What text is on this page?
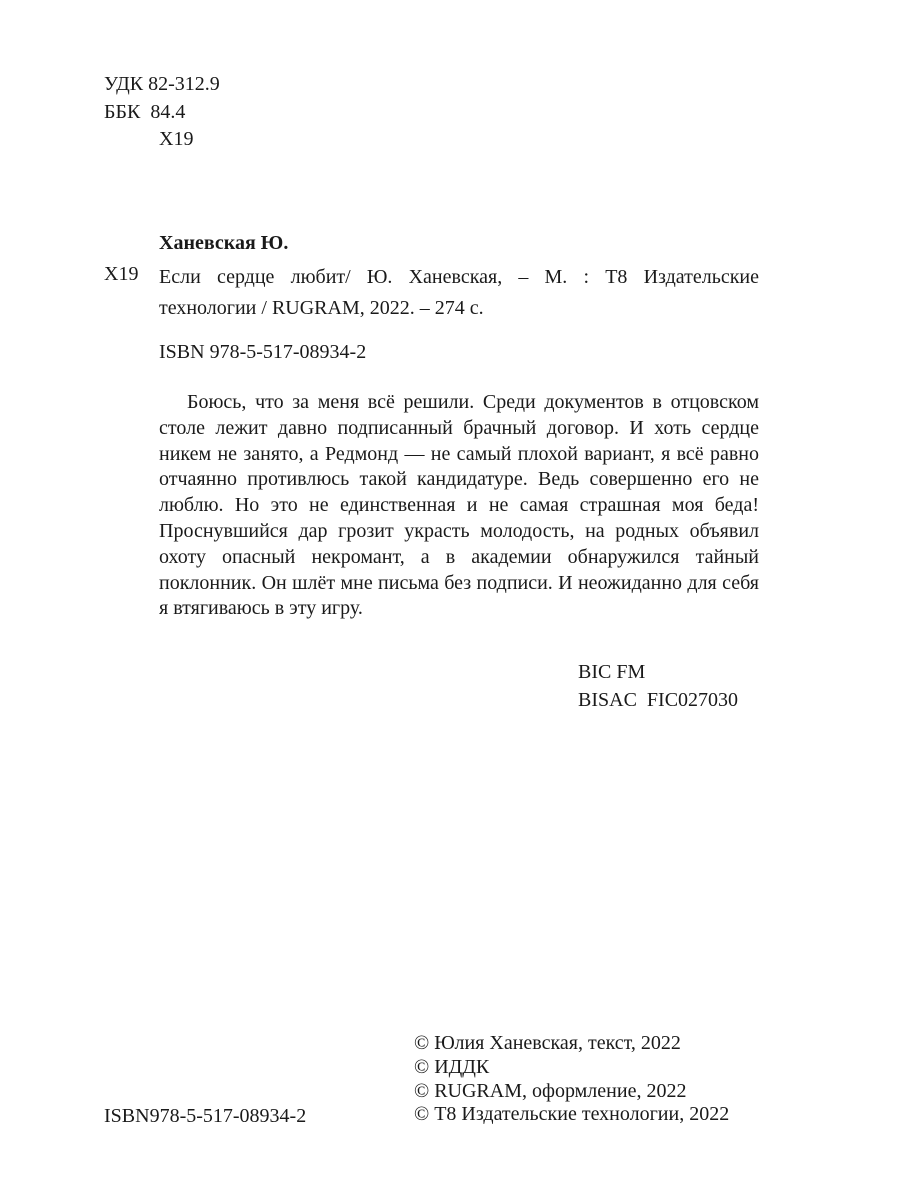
УДК 82-312.9
ББК 84.4
Х19
Ханевская Ю.
Х19 Если сердце любит/ Ю. Ханевская, – М. : Т8 Издательские технологии / RUGRAM, 2022. – 274 с.
ISBN 978-5-517-08934-2

Боюсь, что за меня всё решили. Среди документов в отцовском столе лежит давно подписанный брачный договор. И хоть сердце никем не занято, а Редмонд — не самый плохой вариант, я всё равно отчаянно противлюсь такой кандидатуре. Ведь совершенно его не люблю. Но это не единственная и не самая страшная моя беда! Проснувшийся дар грозит украсть молодость, на родных объявил охоту опасный некромант, а в академии обнаружился тайный поклонник. Он шлёт мне письма без подписи. И неожиданно для себя я втягиваюсь в эту игру.

BIC FM
BISAC FIC027030
ISBN978-5-517-08934-2
© Юлия Ханевская, текст, 2022
© ИДДК
© RUGRAM, оформление, 2022
© Т8 Издательские технологии, 2022
